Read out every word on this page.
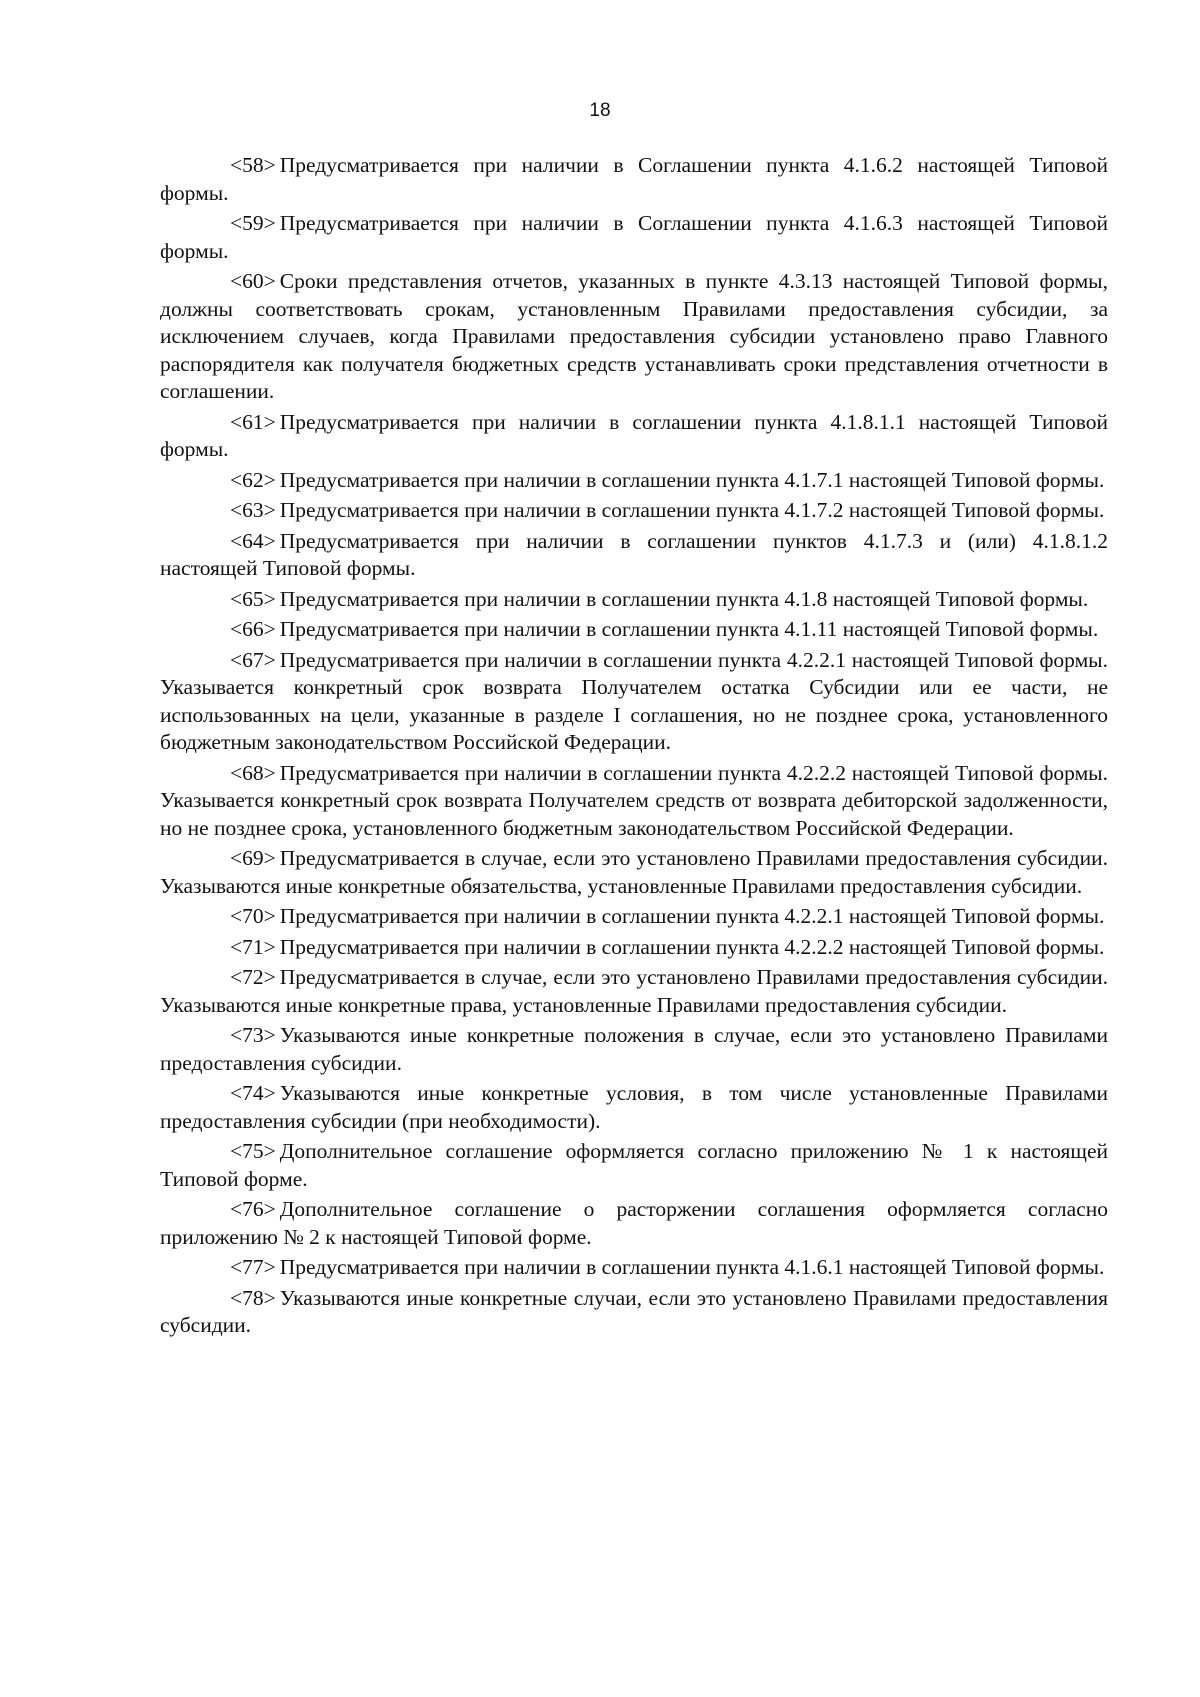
18

<58> Предусматривается при наличии в Соглашении пункта 4.1.6.2 настоящей Типовой формы.

<59> Предусматривается при наличии в Соглашении пункта 4.1.6.3 настоящей Типовой формы.

<60> Сроки представления отчетов, указанных в пункте 4.3.13 настоящей Типовой формы, должны соответствовать срокам, установленным Правилами предоставления субсидии, за исключением случаев, когда Правилами предоставления субсидии установлено право Главного распорядителя как получателя бюджетных средств устанавливать сроки представления отчетности в соглашении.

<61> Предусматривается при наличии в соглашении пункта 4.1.8.1.1 настоящей Типовой формы.

<62> Предусматривается при наличии в соглашении пункта 4.1.7.1 настоящей Типовой формы.

<63> Предусматривается при наличии в соглашении пункта 4.1.7.2 настоящей Типовой формы.

<64> Предусматривается при наличии в соглашении пунктов 4.1.7.3 и (или) 4.1.8.1.2 настоящей Типовой формы.

<65> Предусматривается при наличии в соглашении пункта 4.1.8 настоящей Типовой формы.

<66> Предусматривается при наличии в соглашении пункта 4.1.11 настоящей Типовой формы.

<67> Предусматривается при наличии в соглашении пункта 4.2.2.1 настоящей Типовой формы. Указывается конкретный срок возврата Получателем остатка Субсидии или ее части, не использованных на цели, указанные в разделе I соглашения, но не позднее срока, установленного бюджетным законодательством Российской Федерации.

<68> Предусматривается при наличии в соглашении пункта 4.2.2.2 настоящей Типовой формы. Указывается конкретный срок возврата Получателем средств от возврата дебиторской задолженности, но не позднее срока, установленного бюджетным законодательством Российской Федерации.

<69> Предусматривается в случае, если это установлено Правилами предоставления субсидии. Указываются иные конкретные обязательства, установленные Правилами предоставления субсидии.

<70> Предусматривается при наличии в соглашении пункта 4.2.2.1 настоящей Типовой формы.

<71> Предусматривается при наличии в соглашении пункта 4.2.2.2 настоящей Типовой формы.

<72> Предусматривается в случае, если это установлено Правилами предоставления субсидии. Указываются иные конкретные права, установленные Правилами предоставления субсидии.

<73> Указываются иные конкретные положения в случае, если это установлено Правилами предоставления субсидии.

<74> Указываются иные конкретные условия, в том числе установленные Правилами предоставления субсидии (при необходимости).

<75> Дополнительное соглашение оформляется согласно приложению № 1 к настоящей Типовой форме.

<76> Дополнительное соглашение о расторжении соглашения оформляется согласно приложению № 2 к настоящей Типовой форме.

<77> Предусматривается при наличии в соглашении пункта 4.1.6.1 настоящей Типовой формы.

<78> Указываются иные конкретные случаи, если это установлено Правилами предоставления субсидии.
